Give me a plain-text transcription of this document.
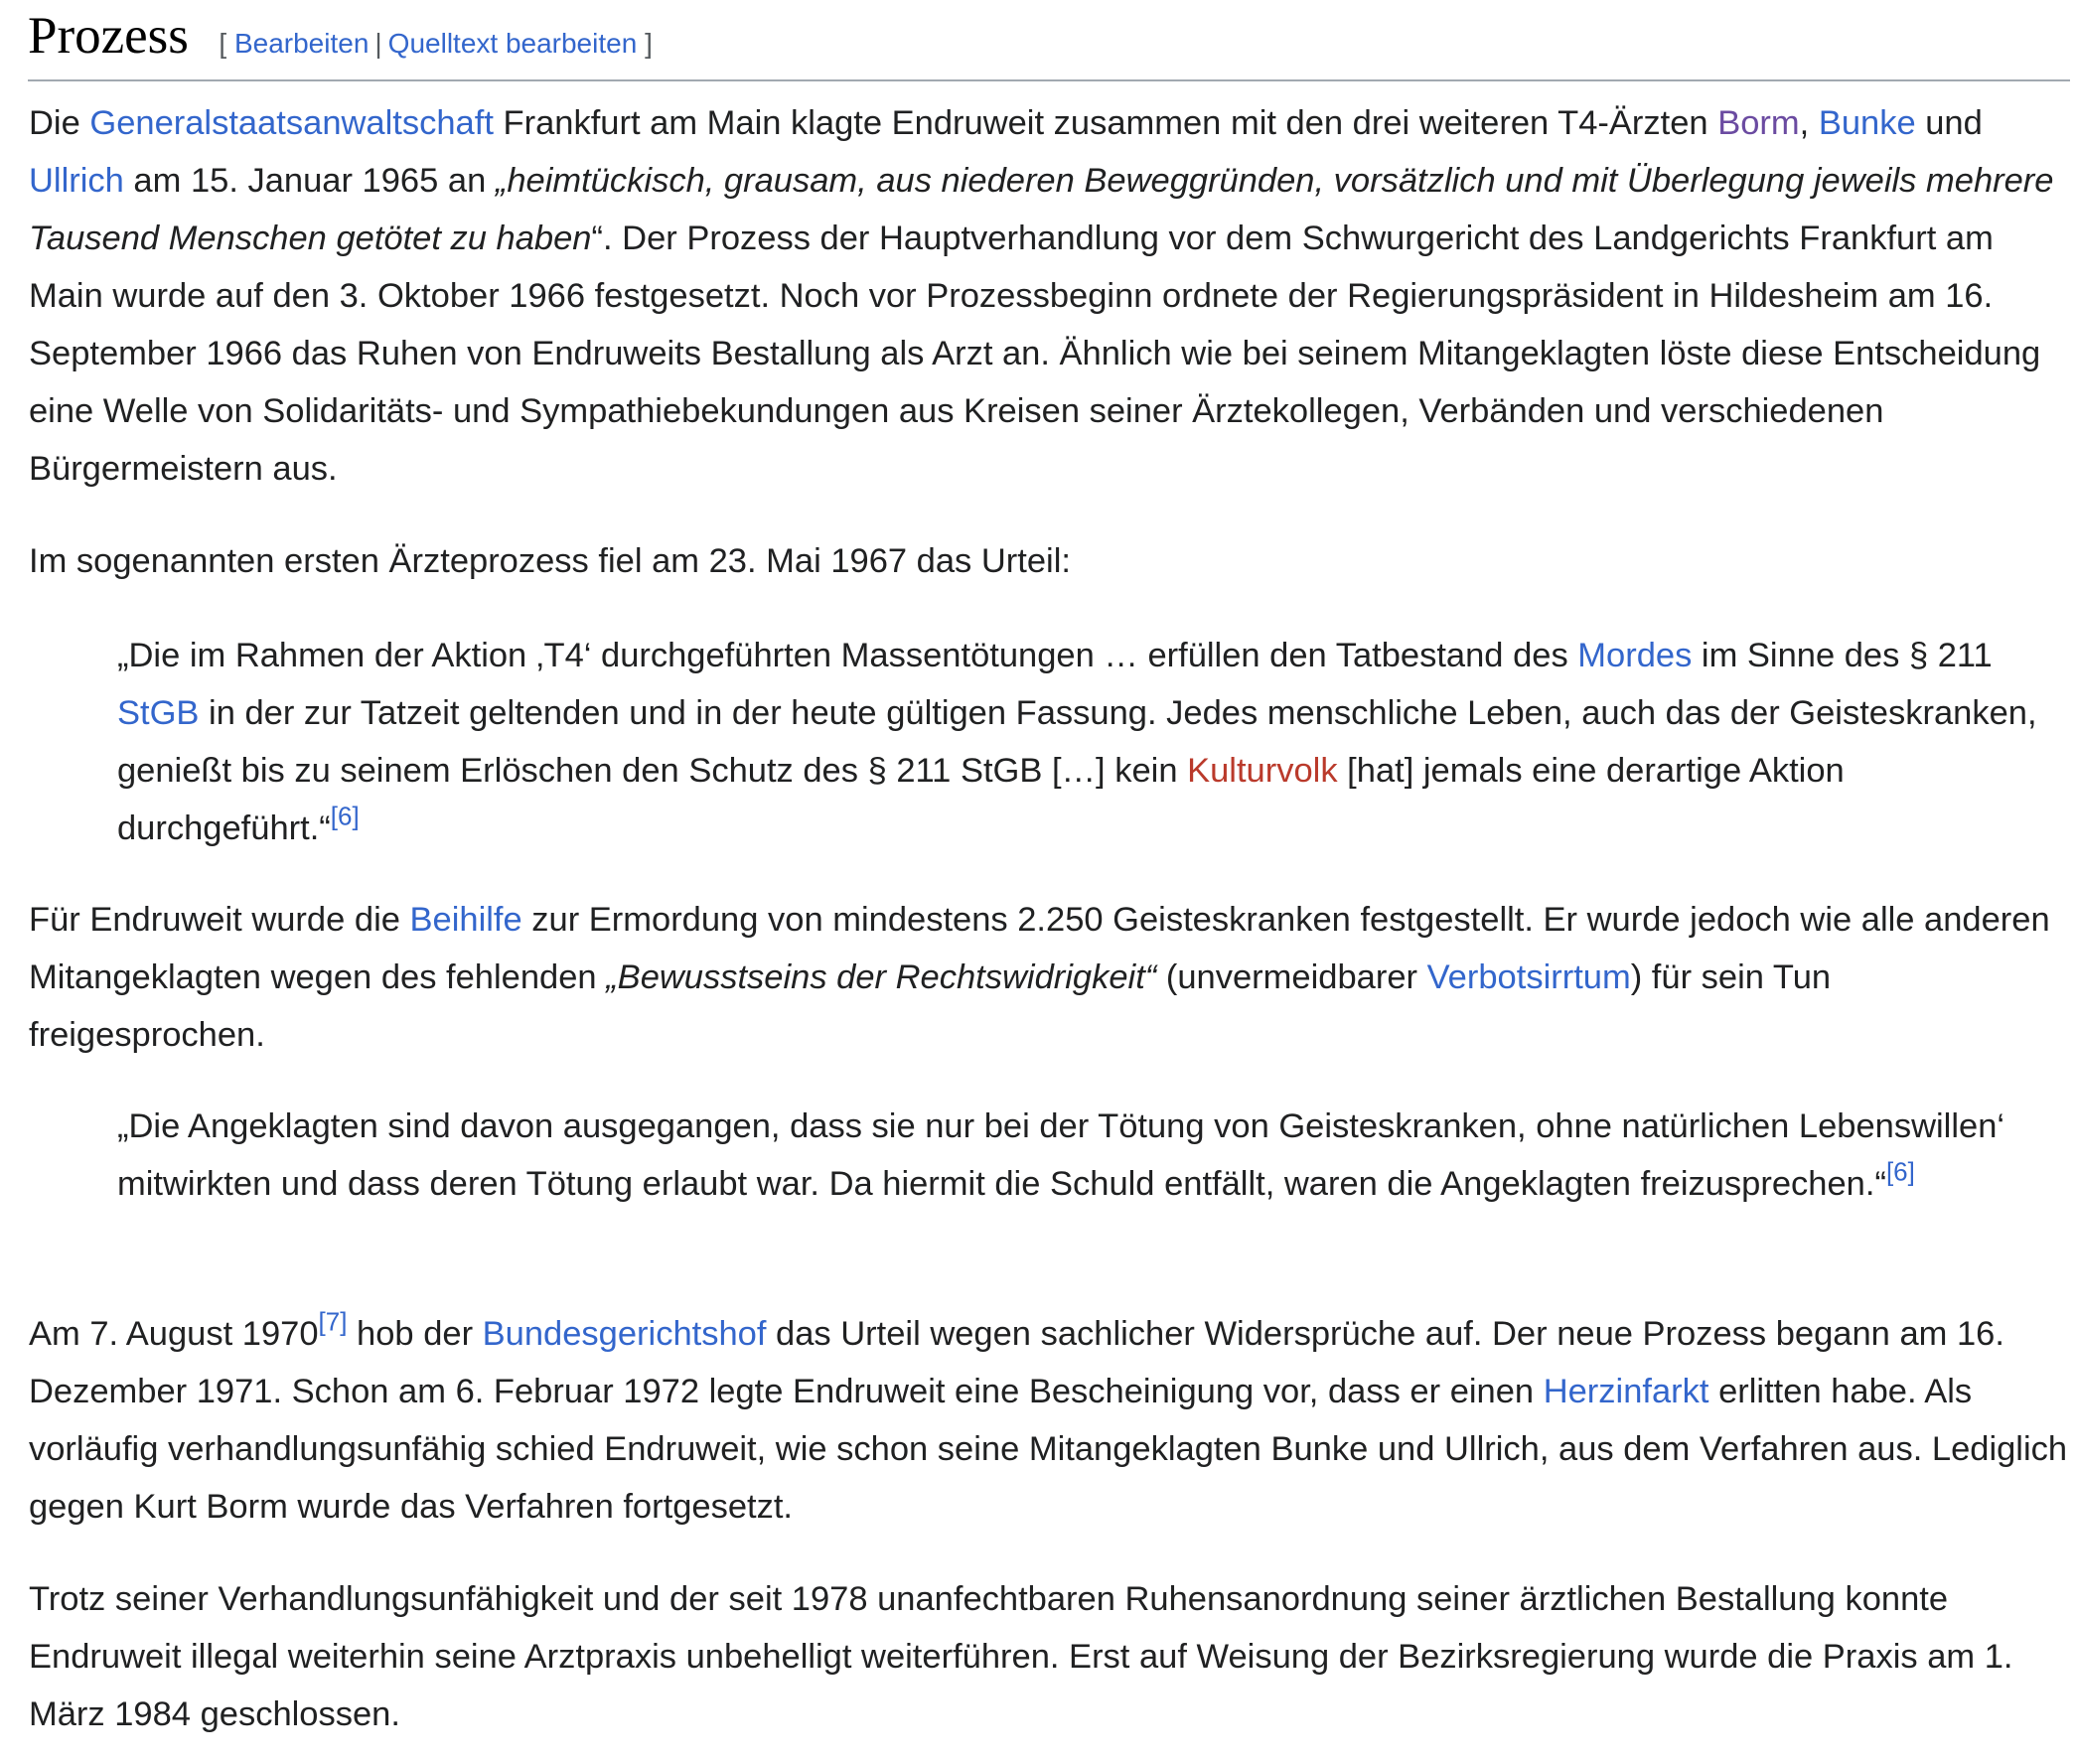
Prozess [ Bearbeiten | Quelltext bearbeiten ]

Die Generalstaatsanwaltschaft Frankfurt am Main klagte Endruweit zusammen mit den drei weiteren T4-Ärzten Borm, Bunke und Ullrich am 15. Januar 1965 an „heimtückisch, grausam, aus niederen Beweggründen, vorsätzlich und mit Überlegung jeweils mehrere Tausend Menschen getötet zu haben“. Der Prozess der Hauptverhandlung vor dem Schwurgericht des Landgerichts Frankfurt am Main wurde auf den 3. Oktober 1966 festgesetzt. Noch vor Prozessbeginn ordnete der Regierungspräsident in Hildesheim am 16. September 1966 das Ruhen von Endruweits Bestallung als Arzt an. Ähnlich wie bei seinem Mitangeklagten löste diese Entscheidung eine Welle von Solidaritäts- und Sympathiebekundungen aus Kreisen seiner Ärztekollegen, Verbänden und verschiedenen Bürgermeistern aus.

Im sogenannten ersten Ärzteprozess fiel am 23. Mai 1967 das Urteil:

„Die im Rahmen der Aktion ‚T4‘ durchgeführten Massentötungen … erfüllen den Tatbestand des Mordes im Sinne des § 211 StGB in der zur Tatzeit geltenden und in der heute gültigen Fassung. Jedes menschliche Leben, auch das der Geisteskranken, genießt bis zu seinem Erlöschen den Schutz des § 211 StGB […] kein Kulturvolk [hat] jemals eine derartige Aktion durchgeführt.“[6]

Für Endruweit wurde die Beihilfe zur Ermordung von mindestens 2.250 Geisteskranken festgestellt. Er wurde jedoch wie alle anderen Mitangeklagten wegen des fehlenden „Bewusstseins der Rechtswidrigkeit“ (unvermeidbarer Verbotsirrtum) für sein Tun freigesprochen.

„Die Angeklagten sind davon ausgegangen, dass sie nur bei der Tötung von Geisteskranken, ohne natürlichen Lebenswillen‘ mitwirkten und dass deren Tötung erlaubt war. Da hiermit die Schuld entfällt, waren die Angeklagten freizusprechen.“[6]

Am 7. August 1970[7] hob der Bundesgerichtshof das Urteil wegen sachlicher Widersprüche auf. Der neue Prozess begann am 16. Dezember 1971. Schon am 6. Februar 1972 legte Endruweit eine Bescheinigung vor, dass er einen Herzinfarkt erlitten habe. Als vorläufig verhandlungsunfähig schied Endruweit, wie schon seine Mitangeklagten Bunke und Ullrich, aus dem Verfahren aus. Lediglich gegen Kurt Borm wurde das Verfahren fortgesetzt.

Trotz seiner Verhandlungsunfähigkeit und der seit 1978 unanfechtbaren Ruhensanordnung seiner ärztlichen Bestallung konnte Endruweit illegal weiterhin seine Arztpraxis unbehelligt weiterführen. Erst auf Weisung der Bezirksregierung wurde die Praxis am 1. März 1984 geschlossen.
